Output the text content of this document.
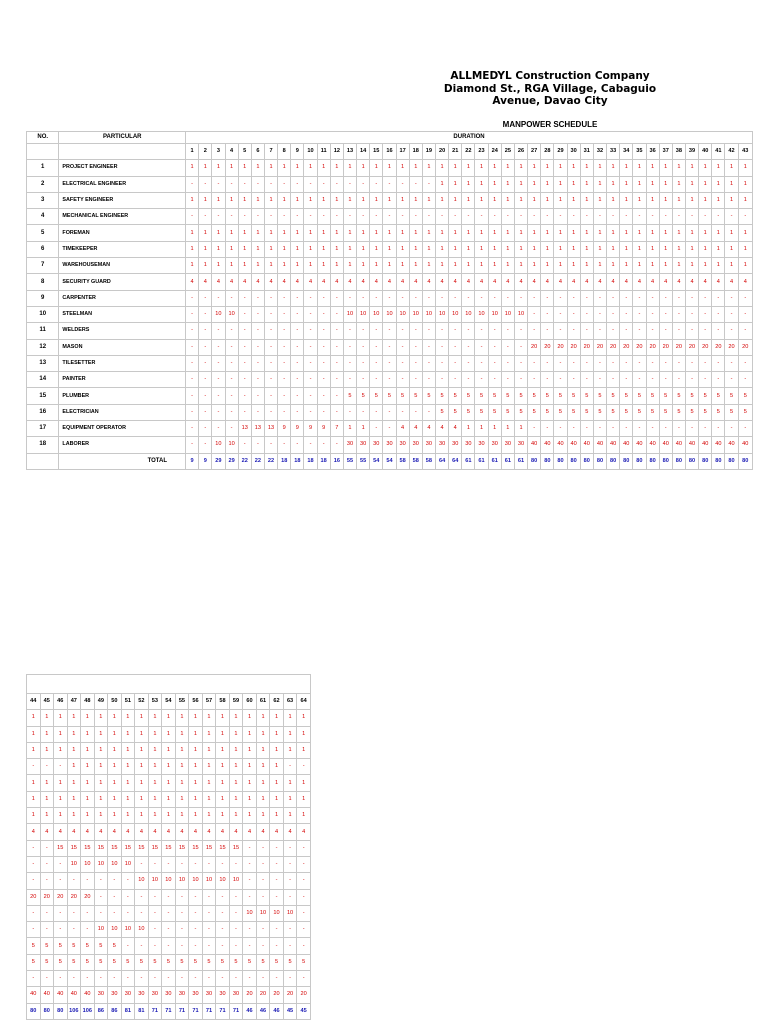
ALLMEDYL Construction Company
Diamond St., RGA Village, Cabaguio
Avenue, Davao City
MANPOWER SCHEDULE
NO.	PARTICULAR	DURATION																																										
		1	2	3	4	5	6	7	8	9	10	11	12	13	14	15	16	17	18	19	20	21	22	23	24	25	26	27	28	29	30	31	32	33	34	35	36	37	38	39	40	41	42	43
1	PROJECT ENGINEER	1	1	1	1	1	1	1	1	1	1	1	1	1	1	1	1	1	1	1	1	1	1	1	1	1	1	1	1	1	1	1	1	1	1	1	1	1	1	1	1	1	1	1
2	ELECTRICAL ENGINEER	-	-	-	-	-	-	-	-	-	-	-	-	-	-	-	-	-	-	-	1	1	1	1	1	1	1	1	1	1	1	1	1	1	1	1	1	1	1	1	1	1	1	1
3	SAFETY ENGINEER	1	1	1	1	1	1	1	1	1	1	1	1	1	1	1	1	1	1	1	1	1	1	1	1	1	1	1	1	1	1	1	1	1	1	1	1	1	1	1	1	1	1	1
4	MECHANICAL ENGINEER	-	-	-	-	-	-	-	-	-	-	-	-	-	-	-	-	-	-	-	-	-	-	-	-	-	-	-	-	-	-	-	-	-	-	-	-	-	-	-	-	-	-	-
5	FOREMAN	1	1	1	1	1	1	1	1	1	1	1	1	1	1	1	1	1	1	1	1	1	1	1	1	1	1	1	1	1	1	1	1	1	1	1	1	1	1	1	1	1	1	1
6	TIMEKEEPER	1	1	1	1	1	1	1	1	1	1	1	1	1	1	1	1	1	1	1	1	1	1	1	1	1	1	1	1	1	1	1	1	1	1	1	1	1	1	1	1	1	1	1
7	WAREHOUSEMAN	1	1	1	1	1	1	1	1	1	1	1	1	1	1	1	1	1	1	1	1	1	1	1	1	1	1	1	1	1	1	1	1	1	1	1	1	1	1	1	1	1	1	1
8	SECURITY GUARD	4	4	4	4	4	4	4	4	4	4	4	4	4	4	4	4	4	4	4	4	4	4	4	4	4	4	4	4	4	4	4	4	4	4	4	4	4	4	4	4	4	4	4
9	CARPENTER	-	-	-	-	-	-	-	-	-	-	-	-	-	-	-	-	-	-	-	-	-	-	-	-	-	-	-	-	-	-	-	-	-	-	-	-	-	-	-	-	-	-	-
10	STEELMAN	-	-	10	10	-	-	-	-	-	-	-	-	10	10	10	10	10	10	10	10	10	10	10	10	10	10	-	-	-	-	-	-	-	-	-	-	-	-	-	-	-	-	-
11	WELDERS	-	-	-	-	-	-	-	-	-	-	-	-	-	-	-	-	-	-	-	-	-	-	-	-	-	-	-	-	-	-	-	-	-	-	-	-	-	-	-	-	-	-	-
12	MASON	-	-	-	-	-	-	-	-	-	-	-	-	-	-	-	-	-	-	-	-	-	-	-	-	-	-	20	20	20	20	20	20	20	20	20	20	20	20	20	20	20	20	20
13	TILESETTER	-	-	-	-	-	-	-	-	-	-	-	-	-	-	-	-	-	-	-	-	-	-	-	-	-	-	-	-	-	-	-	-	-	-	-	-	-	-	-	-	-	-	-
14	PAINTER	-	-	-	-	-	-	-	-	-	-	-	-	-	-	-	-	-	-	-	-	-	-	-	-	-	-	-	-	-	-	-	-	-	-	-	-	-	-	-	-	-	-	-
15	PLUMBER	-	-	-	-	-	-	-	-	-	-	-	-	5	5	5	5	5	5	5	5	5	5	5	5	5	5	5	5	5	5	5	5	5	5	5	5	5	5	5	5	5	5	5
16	ELECTRICIAN	-	-	-	-	-	-	-	-	-	-	-	-	-	-	-	-	-	-	-	5	5	5	5	5	5	5	5	5	5	5	5	5	5	5	5	5	5	5	5	5	5	5	5
17	EQUIPMENT OPERATOR	-	-	-	-	13	13	13	9	9	9	9	7	1	1	-	-	4	4	4	4	4	1	1	1	1	1	-	-	-	-	-	-	-	-	-	-	-	-	-	-	-	-	-
18	LABORER	-	-	10	10	-	-	-	-	-	-	-	-	30	30	30	30	30	30	30	30	30	30	30	30	30	30	40	40	40	40	40	40	40	40	40	40	40	40	40	40	40	40	40
	TOTAL	9	9	29	29	22	22	22	18	18	18	18	16	55	55	54	54	58	58	58	64	64	61	61	61	61	61	80	80	80	80	80	80	80	80	80	80	80	80	80	80	80	80	80

44	45	46	47	48	49	50	51	52	53	54	55	56	57	58	59	60	61	62	63	64
1	1	1	1	1	1	1	1	1	1	1	1	1	1	1	1	1	1	1	1	1
1	1	1	1	1	1	1	1	1	1	1	1	1	1	1	1	1	1	1	1	1
1	1	1	1	1	1	1	1	1	1	1	1	1	1	1	1	1	1	1	1	1
-	-	-	1	1	1	1	1	1	1	1	1	1	1	1	1	1	1	1	-	-
1	1	1	1	1	1	1	1	1	1	1	1	1	1	1	1	1	1	1	1	1
1	1	1	1	1	1	1	1	1	1	1	1	1	1	1	1	1	1	1	1	1
1	1	1	1	1	1	1	1	1	1	1	1	1	1	1	1	1	1	1	1	1
4	4	4	4	4	4	4	4	4	4	4	4	4	4	4	4	4	4	4	4	4
-	-	15	15	15	15	15	15	15	15	15	15	15	15	15	15	-	-	-	-	-
-	-	-	10	10	10	10	10	-	-	-	-	-	-	-	-	-	-	-	-	-
-	-	-	-	-	-	-	-	10	10	10	10	10	10	10	10	-	-	-	-	-
20	20	20	20	20	-	-	-	-	-	-	-	-	-	-	-	-	-	-	-	-
-	-	-	-	-	-	-	-	-	-	-	-	-	-	-	-	10	10	10	10	-
-	-	-	-	-	10	10	10	10	-	-	-	-	-	-	-	-	-	-	-	-
5	5	5	5	5	5	5	-	-	-	-	-	-	-	-	-	-	-	-	-	-
5	5	5	5	5	5	5	5	5	5	5	5	5	5	5	5	5	5	5	5	5
-	-	-	-	-	-	-	-	-	-	-	-	-	-	-	-	-	-	-	-	-
40	40	40	40	40	30	30	30	30	30	30	30	30	30	30	30	20	20	20	20	20
80	80	80	106	106	86	86	81	81	71	71	71	71	71	71	71	46	46	46	45	45
